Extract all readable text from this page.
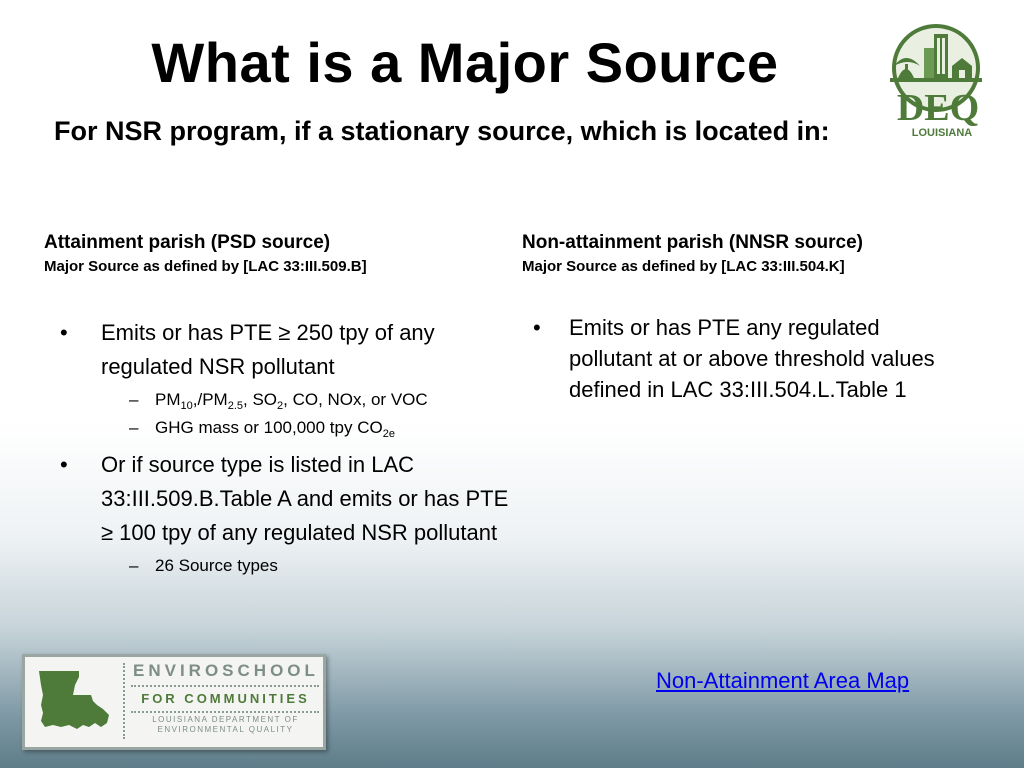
What is a Major Source
DEQ
LOUISIANA
For NSR program, if a stationary source, which is located in:
Attainment parish (PSD source)
Major Source as defined by [LAC 33:III.509.B]
Non-attainment parish (NNSR source)
Major Source as defined by [LAC 33:III.504.K]
• Emits or has PTE ≥ 250 tpy of any regulated NSR pollutant
– $PM_{10},/PM_{2.5}$, $SO_2$, CO, NOx, or VOC
– GHG mass or 100,000 tpy $CO_{2e}$
• Or if source type is listed in LAC 33:III.509.B.Table A and emits or has PTE ≥ 100 tpy of any regulated NSR pollutant
– 26 Source types
• Emits or has PTE any regulated pollutant at or above threshold values defined in LAC 33:III.504.L.Table 1
Non-Attainment Area Map
ENVIROSCHOOL
FOR COMMUNITIES
LOUISIANA DEPARTMENT OF ENVIRONMENTAL QUALITY
